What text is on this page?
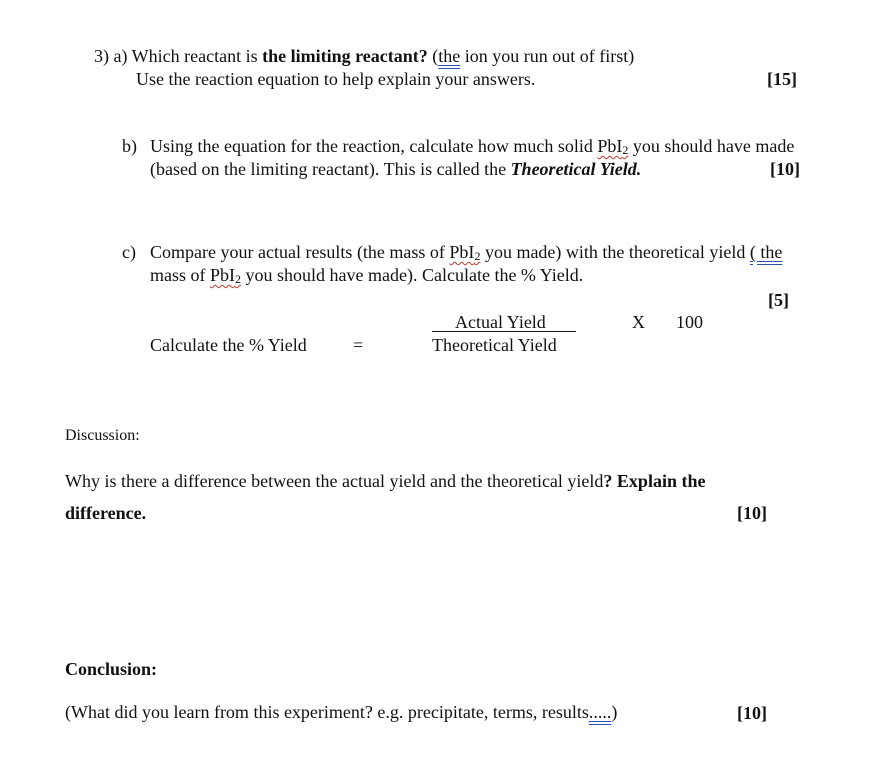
3) a) Which reactant is the limiting reactant? (the ion you run out of first)
Use the reaction equation to help explain your answers.	[15]
b) Using the equation for the reaction, calculate how much solid PbI$_2$ you should have made
(based on the limiting reactant). This is called the Theoretical Yield.	[10]
c) Compare your actual results (the mass of PbI$_2$ you made) with the theoretical yield ( the
mass of PbI$_2$ you should have made). Calculate the % Yield.
[5]
Calculate the % Yield	=
Actual Yield
Theoretical Yield
X 100
Discussion:
Why is there a difference between the actual yield and the theoretical yield? Explain the
difference.	[10]
Conclusion:
(What did you learn from this experiment? e.g. precipitate, terms, results.....)	[10]
